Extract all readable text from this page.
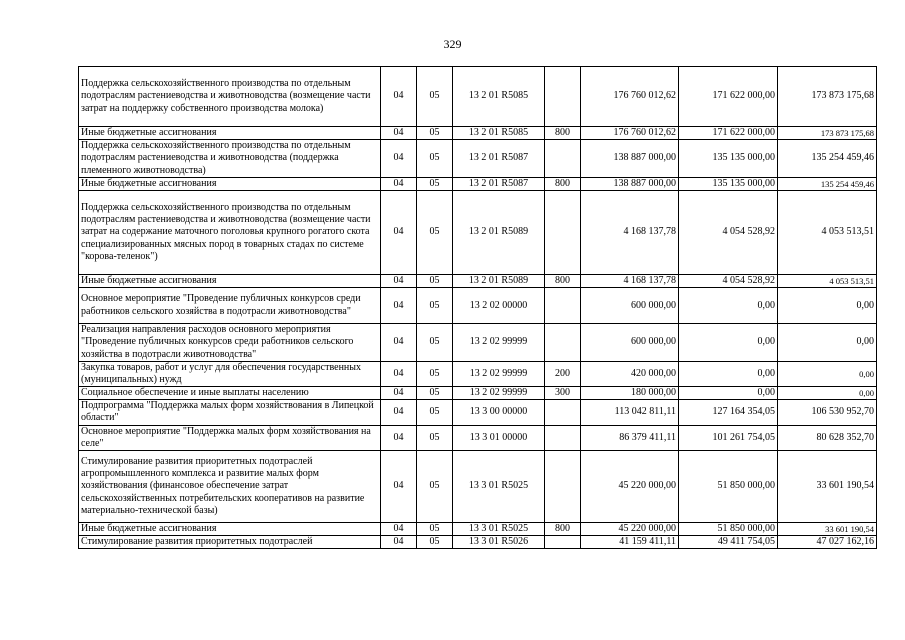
329
Поддержка сельскохозяйственного производства по отдельным подотраслям растениеводства и животноводства (возмещение части затрат на поддержку собственного производства молока)	04	05	13 2 01 R5085		176 760 012,62	171 622 000,00	173 873 175,68
Иные бюджетные ассигнования	04	05	13 2 01 R5085	800	176 760 012,62	171 622 000,00	173 873 175,68
Поддержка сельскохозяйственного производства по отдельным подотраслям растениеводства и животноводства (поддержка племенного животноводства)	04	05	13 2 01 R5087		138 887 000,00	135 135 000,00	135 254 459,46
Иные бюджетные ассигнования	04	05	13 2 01 R5087	800	138 887 000,00	135 135 000,00	135 254 459,46
Поддержка сельскохозяйственного производства по отдельным подотраслям растениеводства и животноводства (возмещение части затрат на содержание маточного поголовья крупного рогатого скота специализированных мясных пород в товарных стадах по системе "корова-теленок")	04	05	13 2 01 R5089		4 168 137,78	4 054 528,92	4 053 513,51
Иные бюджетные ассигнования	04	05	13 2 01 R5089	800	4 168 137,78	4 054 528,92	4 053 513,51
Основное мероприятие "Проведение публичных конкурсов среди работников сельского хозяйства в подотрасли животноводства"	04	05	13 2 02 00000		600 000,00	0,00	0,00
Реализация направления расходов основного мероприятия "Проведение публичных конкурсов среди работников сельского хозяйства в подотрасли животноводства"	04	05	13 2 02 99999		600 000,00	0,00	0,00
Закупка товаров, работ и услуг для обеспечения государственных (муниципальных) нужд	04	05	13 2 02 99999	200	420 000,00	0,00	0,00
Социальное обеспечение и иные выплаты населению	04	05	13 2 02 99999	300	180 000,00	0,00	0,00
Подпрограмма "Поддержка малых форм хозяйствования в Липецкой области"	04	05	13 3 00 00000		113 042 811,11	127 164 354,05	106 530 952,70
Основное мероприятие "Поддержка малых форм хозяйствования на селе"	04	05	13 3 01 00000		86 379 411,11	101 261 754,05	80 628 352,70
Стимулирование развития приоритетных подотраслей агропромышленного комплекса и развитие малых форм хозяйствования (финансовое обеспечение затрат сельскохозяйственных потребительских кооперативов на развитие материально-технической базы)	04	05	13 3 01 R5025		45 220 000,00	51 850 000,00	33 601 190,54
Иные бюджетные ассигнования	04	05	13 3 01 R5025	800	45 220 000,00	51 850 000,00	33 601 190,54
Стимулирование развития приоритетных подотраслей	04	05	13 3 01 R5026		41 159 411,11	49 411 754,05	47 027 162,16
